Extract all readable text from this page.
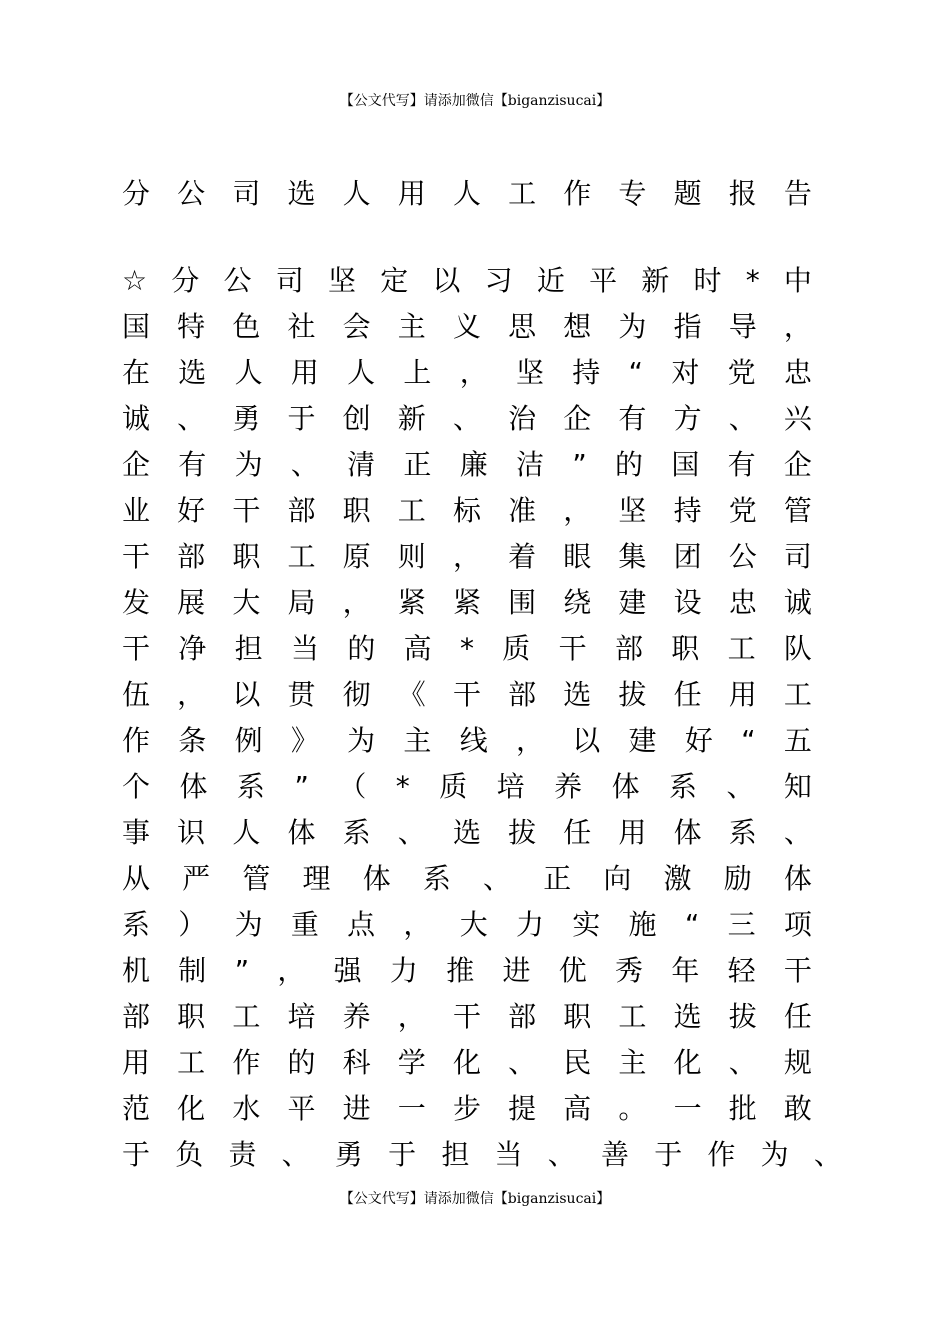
【公文代写】请添加微信【biganzisucai】
分 公 司 选 人 用 人 工 作 专 题 报 告
☆ 分 公 司 坚 定 以 习 近 平 新 时 * 中
国 特 色 社 会 主 义 思 想 为 指 导 ，
在 选 人 用 人 上 ， 坚 持 “ 对 党 忠
诚 、 勇 于 创 新 、 治 企 有 方 、 兴
企 有 为 、 清 正 廉 洁 ” 的 国 有 企
业 好 干 部 职 工 标 准 ， 坚 持 党 管
干 部 职 工 原 则 ， 着 眼 集 团 公 司
发 展 大 局 ， 紧 紧 围 绕 建 设 忠 诚
干 净 担 当 的 高 * 质 干 部 职 工 队
伍 ， 以 贯 彻 《 干 部 选 拔 任 用 工
作 条 例 》 为 主 线 ， 以 建 好 “ 五
个 体 系 ” （ * 质 培 养 体 系 、 知
事 识 人 体 系 、 选 拔 任 用 体 系 、
从 严 管 理 体 系 、 正 向 激 励 体
系 ） 为 重 点 ， 大 力 实 施 “ 三 项
机 制 ” ， 强 力 推 进 优 秀 年 轻 干
部 职 工 培 养 ， 干 部 职 工 选 拔 任
用 工 作 的 科 学 化 、 民 主 化 、 规
范 化 水 平 进 一 步 提 高 。 一 批 敢
于 负 责 、 勇 于 担 当 、 善 于 作 为 、
【公文代写】请添加微信【biganzisucai】
